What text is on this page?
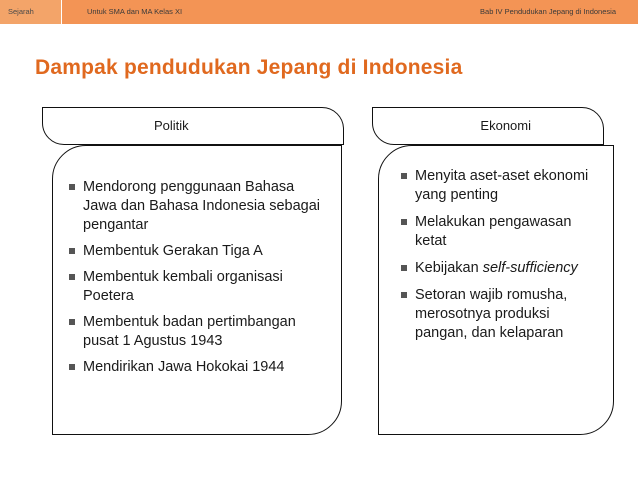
Sejarah	Untuk SMA dan MA Kelas XI	Bab IV Pendudukan Jepang di Indonesia
Dampak pendudukan Jepang di Indonesia
Politik	Ekonomi
Mendorong penggunaan Bahasa Jawa dan Bahasa Indonesia sebagai pengantar
Membentuk Gerakan Tiga A
Membentuk kembali organisasi Poetera
Membentuk badan pertimbangan pusat 1 Agustus 1943
Mendirikan Jawa Hokokai 1944
Menyita aset-aset ekonomi yang penting
Melakukan pengawasan ketat
Kebijakan self-sufficiency
Setoran wajib romusha, merosotnya produksi pangan, dan kelaparan
